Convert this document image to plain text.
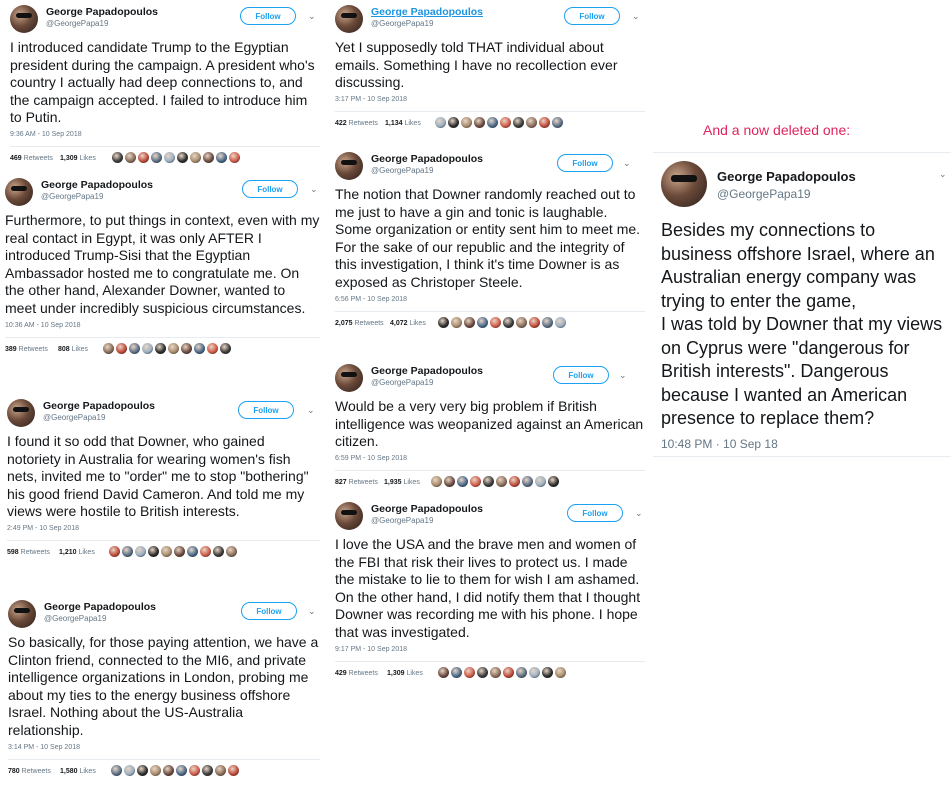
And a now deleted one:
George Papadopoulos
@GeorgePapa19
Follow	⌄
I introduced candidate Trump to the Egyptian president during the campaign. A president who's country I actually had deep connections to, and the campaign accepted. I failed to introduce him to Putin.
9:36 AM - 10 Sep 2018
469 Retweets 1,309 Likes
George Papadopoulos
@GeorgePapa19
Follow	⌄
Furthermore, to put things in context, even with my real contact in Egypt, it was only AFTER I introduced Trump-Sisi that the Egyptian Ambassador hosted me to congratulate me. On the other hand, Alexander Downer, wanted to meet under incredibly suspicious circumstances.
10:36 AM - 10 Sep 2018
389 Retweets 808 Likes
George Papadopoulos
@GeorgePapa19
Follow	⌄
I found it so odd that Downer, who gained notoriety in Australia for wearing women's fish nets, invited me to "order" me to stop "bothering" his good friend David Cameron. And told me my views were hostile to British interests.
2:49 PM - 10 Sep 2018
598 Retweets 1,210 Likes
George Papadopoulos
@GeorgePapa19
Follow	⌄
So basically, for those paying attention, we have a Clinton friend, connected to the MI6, and private intelligence organizations in London, probing me about my ties to the energy business offshore Israel. Nothing about the US-Australia relationship.
3:14 PM - 10 Sep 2018
780 Retweets 1,580 Likes
George Papadopoulos
@GeorgePapa19
Follow	⌄
Yet I supposedly told THAT individual about emails. Something I have no recollection ever discussing.
3:17 PM - 10 Sep 2018
422 Retweets 1,134 Likes
George Papadopoulos
@GeorgePapa19
Follow	⌄
The notion that Downer randomly reached out to me just to have a gin and tonic is laughable. Some organization or entity sent him to meet me. For the sake of our republic and the integrity of this investigation, I think it's time Downer is as exposed as Christoper Steele.
6:56 PM - 10 Sep 2018
2,075 Retweets 4,072 Likes
George Papadopoulos
@GeorgePapa19
Follow	⌄
Would be a very very big problem if British intelligence was weopanized against an American citizen.
6:59 PM - 10 Sep 2018
827 Retweets 1,935 Likes
George Papadopoulos
@GeorgePapa19
Follow	⌄
I love the USA and the brave men and women of the FBI that risk their lives to protect us. I made the mistake to lie to them for wish I am ashamed. On the other hand, I did notify them that I thought Downer was recording me with his phone. I hope that was investigated.
9:17 PM - 10 Sep 2018
429 Retweets 1,309 Likes
George Papadopoulos
@GeorgePapa19
⌄
Besides my connections to business offshore Israel, where an Australian energy company was trying to enter the game,
I was told by Downer that my views on Cyprus were "dangerous for British interests". Dangerous because I wanted an American presence to replace them?
10:48 PM · 10 Sep 18
